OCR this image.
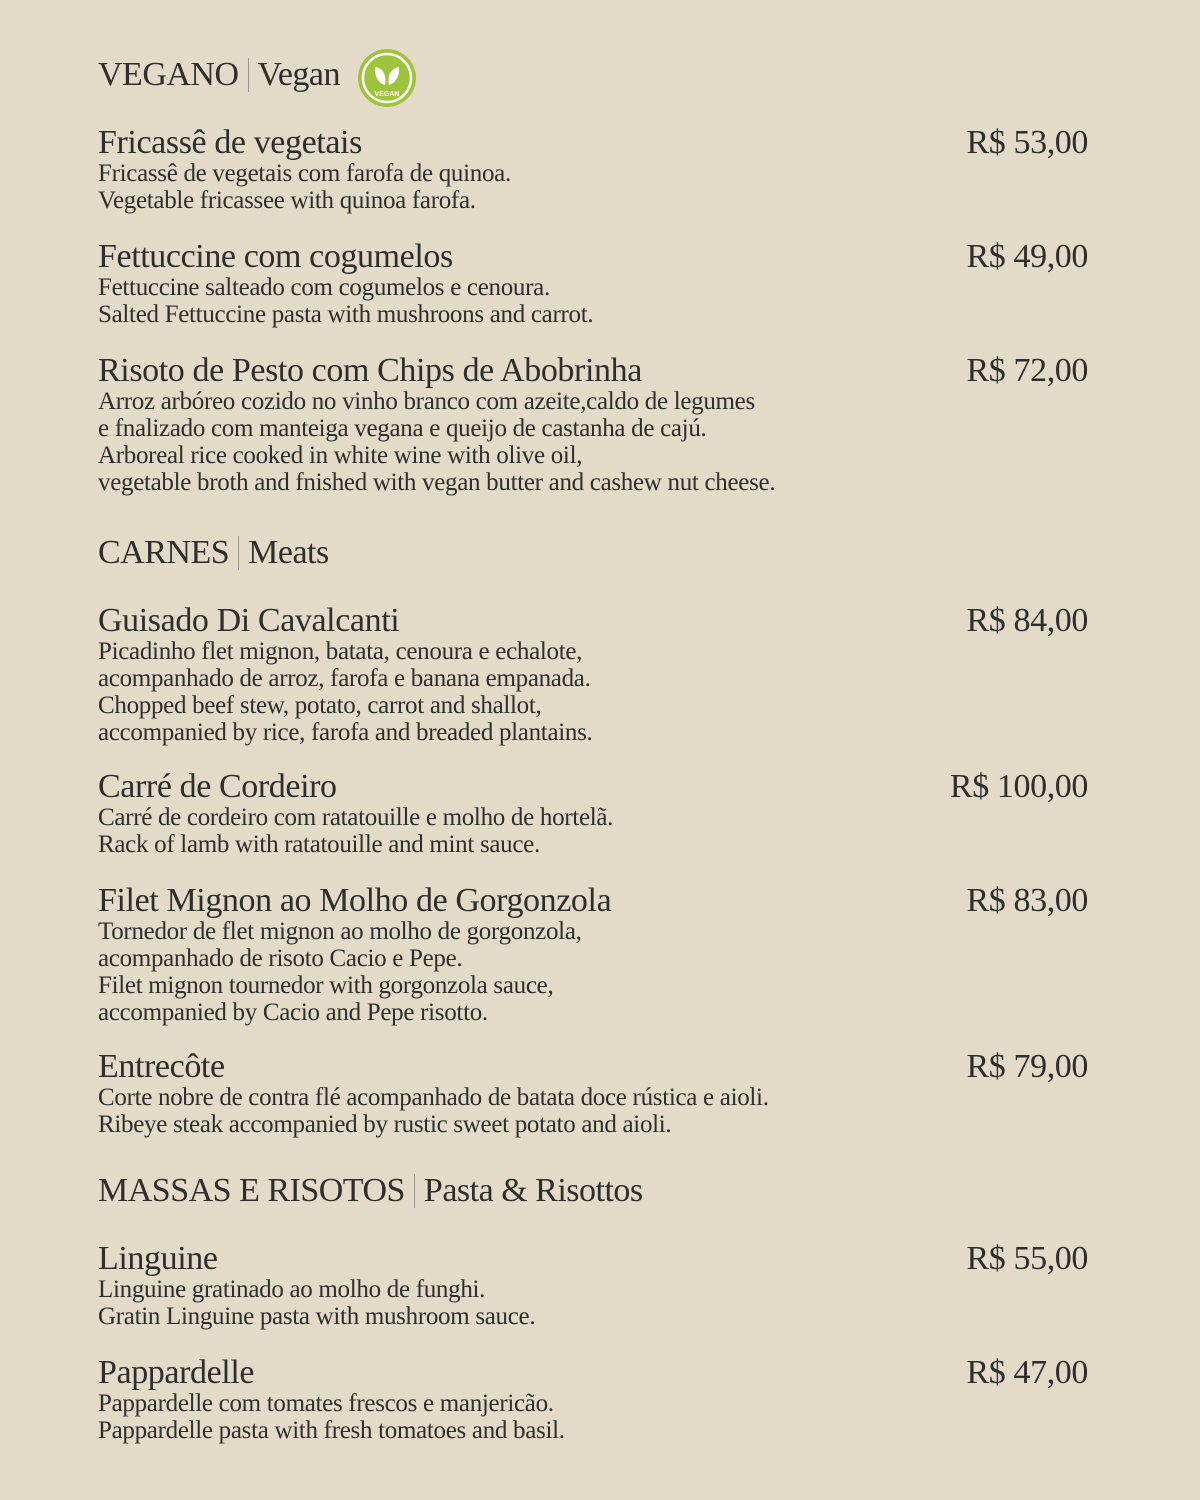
VEGANO Vegan
VEGAN
Fricassê de vegetais	R$ 53,00
Fricassê de vegetais com farofa de quinoa.
Vegetable fricassee with quinoa farofa.
Fettuccine com cogumelos	R$ 49,00
Fettuccine salteado com cogumelos e cenoura.
Salted Fettuccine pasta with mushroons and carrot.
Risoto de Pesto com Chips de Abobrinha	R$ 72,00
Arroz arbóreo cozido no vinho branco com azeite,caldo de legumes
e fnalizado com manteiga vegana e queijo de castanha de cajú.
Arboreal rice cooked in white wine with olive oil,
vegetable broth and fnished with vegan butter and cashew nut cheese.
CARNES Meats
Guisado Di Cavalcanti	R$ 84,00
Picadinho flet mignon, batata, cenoura e echalote,
acompanhado de arroz, farofa e banana empanada.
Chopped beef stew, potato, carrot and shallot,
accompanied by rice, farofa and breaded plantains.
Carré de Cordeiro	R$ 100,00
Carré de cordeiro com ratatouille e molho de hortelã.
Rack of lamb with ratatouille and mint sauce.
Filet Mignon ao Molho de Gorgonzola	R$ 83,00
Tornedor de flet mignon ao molho de gorgonzola,
acompanhado de risoto Cacio e Pepe.
Filet mignon tournedor with gorgonzola sauce,
accompanied by Cacio and Pepe risotto.
Entrecôte	R$ 79,00
Corte nobre de contra flé acompanhado de batata doce rústica e aioli.
Ribeye steak accompanied by rustic sweet potato and aioli.
MASSAS E RISOTOS Pasta & Risottos
Linguine	R$ 55,00
Linguine gratinado ao molho de funghi.
Gratin Linguine pasta with mushroom sauce.
Pappardelle	R$ 47,00
Pappardelle com tomates frescos e manjericão.
Pappardelle pasta with fresh tomatoes and basil.
